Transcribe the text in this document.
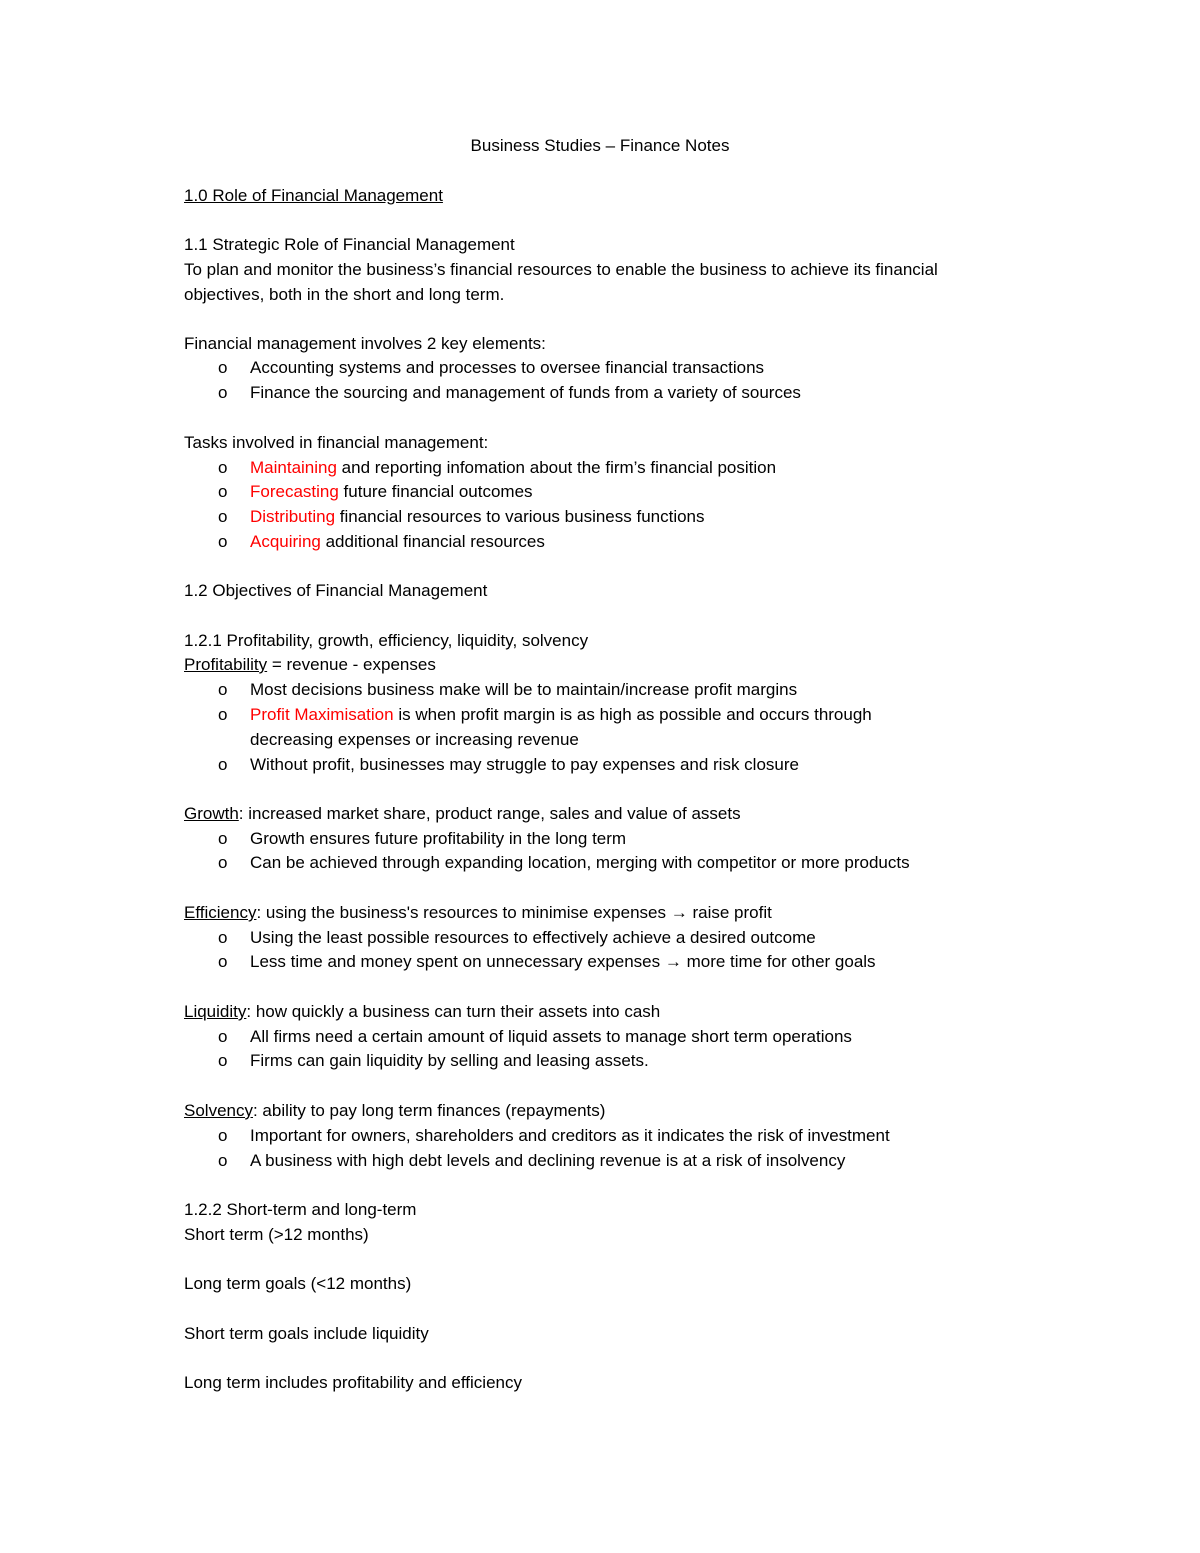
Business Studies – Finance Notes
1.0 Role of Financial Management
1.1 Strategic Role of Financial Management
To plan and monitor the business’s financial resources to enable the business to achieve its financial
objectives, both in the short and long term.
Financial management involves 2 key elements:
o Accounting systems and processes to oversee financial transactions
o Finance the sourcing and management of funds from a variety of sources
Tasks involved in financial management:
o Maintaining and reporting infomation about the firm’s financial position
o Forecasting future financial outcomes
o Distributing financial resources to various business functions
o Acquiring additional financial resources
1.2 Objectives of Financial Management
1.2.1 Profitability, growth, efficiency, liquidity, solvency
Profitability = revenue - expenses
o Most decisions business make will be to maintain/increase profit margins
o Profit Maximisation is when profit margin is as high as possible and occurs through
decreasing expenses or increasing revenue
o Without profit, businesses may struggle to pay expenses and risk closure
Growth: increased market share, product range, sales and value of assets
o Growth ensures future profitability in the long term
o Can be achieved through expanding location, merging with competitor or more products
Efficiency: using the business's resources to minimise expenses → raise profit
o Using the least possible resources to effectively achieve a desired outcome
o Less time and money spent on unnecessary expenses → more time for other goals
Liquidity: how quickly a business can turn their assets into cash
o All firms need a certain amount of liquid assets to manage short term operations
o Firms can gain liquidity by selling and leasing assets.
Solvency: ability to pay long term finances (repayments)
o Important for owners, shareholders and creditors as it indicates the risk of investment
o A business with high debt levels and declining revenue is at a risk of insolvency
1.2.2 Short-term and long-term
Short term (>12 months)
Long term goals (<12 months)
Short term goals include liquidity
Long term includes profitability and efficiency
